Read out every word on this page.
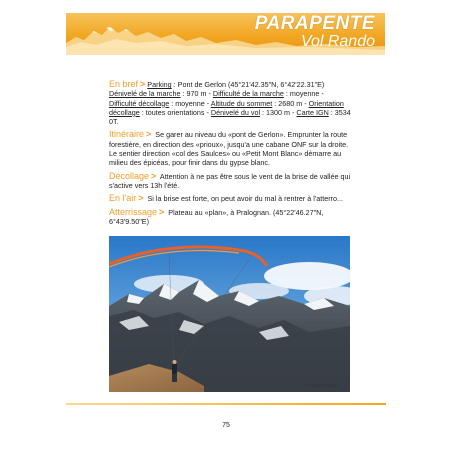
PARAPENTE
Vol Rando

En bref > Parking : Pont de Gerlon (45°21'42.35"N, 6°42'22.31"E) Dénivelé de la marche : 970 m - Difficulté de la marche : moyenne - Difficulté décollage : moyenne - Altitude du sommet : 2680 m - Orientation décollage : toutes orientations - Dénivelé du vol : 1300 m - Carte IGN : 3534 0T.

Itinéraire > Se garer au niveau du «pont de Gerlon». Emprunter la route forestière, en direction des «prioux», jusqu'a une cabane ONF sur la droite. Le sentier direction «col des Saulces» ou «Petit Mont Blanc» démarre au milieu des épicéas, pour finir dans du gypse blanc.

Décollage > Attention à ne pas être sous le vent de la brise de vallée qui s'active vers 13h l'été.

En l'air > Si la brise est forte, on peut avoir du mal à rentrer à l'atterro...

Atterrissage > Plateau au «plan», à Pralognan. (45°22'46.27"N, 6°43'9.50"E)

© Antoine Roze
75
